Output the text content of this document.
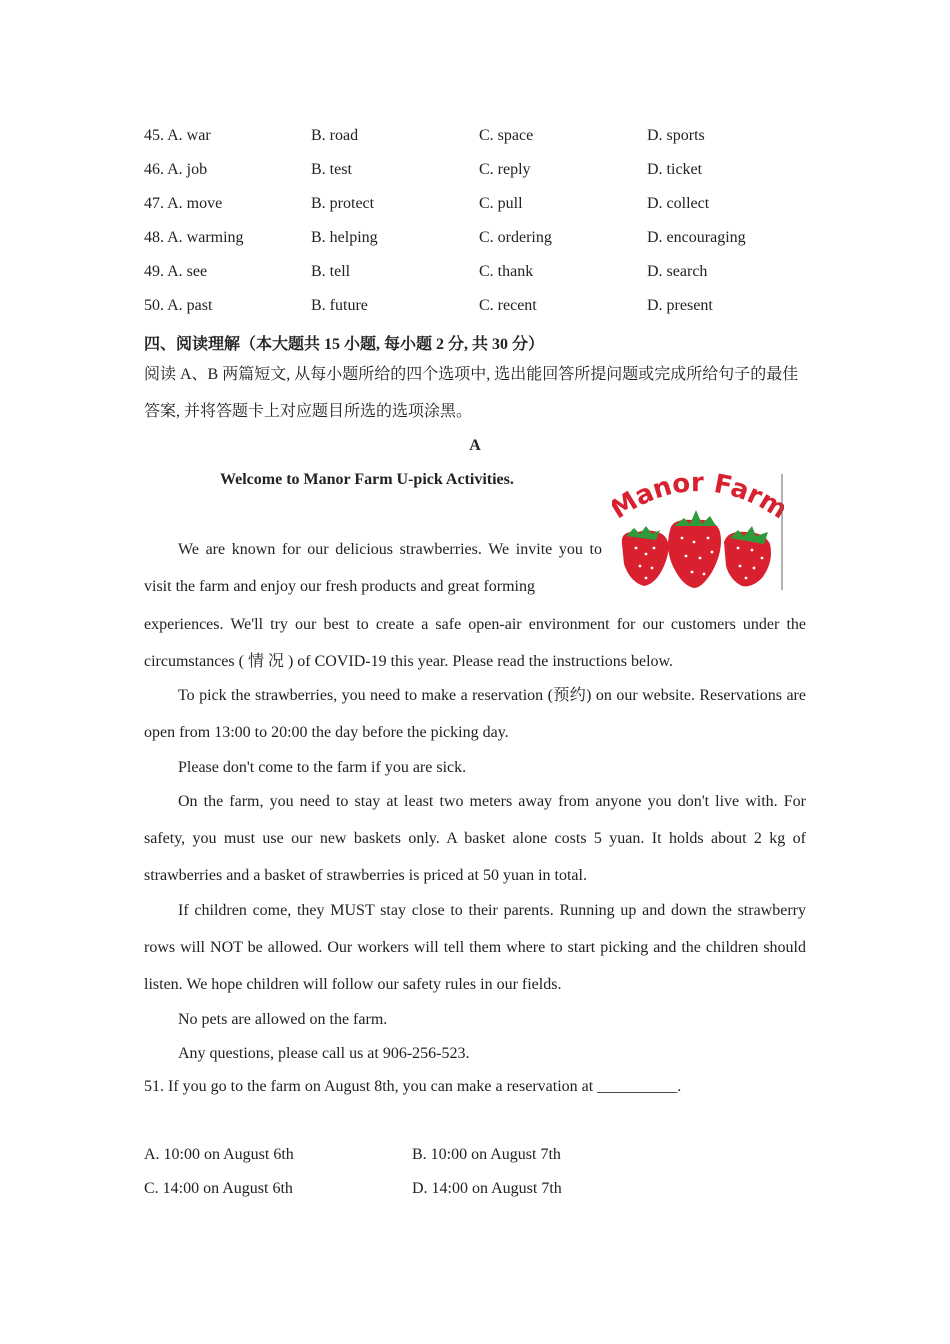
45. A. war	B. road	C. space	D. sports
46. A. job	B. test	C. reply	D. ticket
47. A. move	B. protect	C. pull	D. collect
48. A. warming	B. helping	C. ordering	D. encouraging
49. A. see	B. tell	C. thank	D. search
50. A. past	B. future	C. recent	D. present
四、阅读理解（本大题共 15 小题, 每小题 2 分, 共 30 分）
阅读 A、B 两篇短文, 从每小题所给的四个选项中, 选出能回答所提问题或完成所给句子的最佳答案, 并将答题卡上对应题目所选的选项涂黑。
A
Welcome to Manor Farm U-pick Activities.	anor Far
We are known for our delicious strawberries. We invite you to visit the farm and enjoy our fresh products and great forming
experiences. We'll try our best to create a safe open-air environment for our customers under the circumstances ( 情 况 ) of COVID-19 this year. Please read the instructions below.
To pick the strawberries, you need to make a reservation (预约) on our website. Reservations are open from 13:00 to 20:00 the day before the picking day.
Please don't come to the farm if you are sick.
On the farm, you need to stay at least two meters away from anyone you don't live with. For safety, you must use our new baskets only. A basket alone costs 5 yuan. It holds about 2 kg of strawberries and a basket of strawberries is priced at 50 yuan in total.
If children come, they MUST stay close to their parents. Running up and down the strawberry rows will NOT be allowed. Our workers will tell them where to start picking and the children should listen. We hope children will follow our safety rules in our fields.
No pets are allowed on the farm.
Any questions, please call us at 906-256-523.
51. If you go to the farm on August 8th, you can make a reservation at __________.
A. 10:00 on August 6th	B. 10:00 on August 7th
C. 14:00 on August 6th	D. 14:00 on August 7th
